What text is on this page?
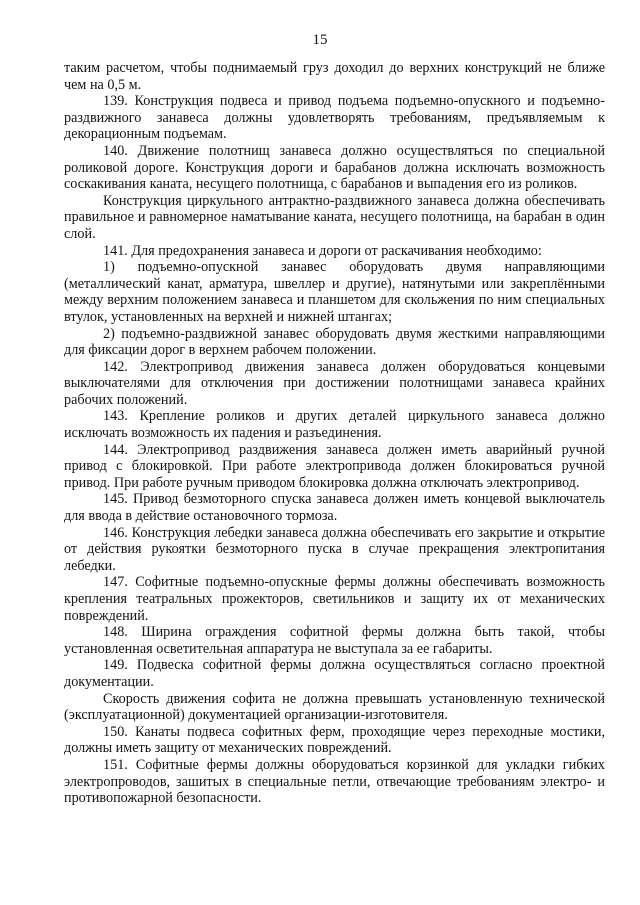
15

таким расчетом, чтобы поднимаемый груз доходил до верхних конструкций не ближе чем на 0,5 м.

139. Конструкция подвеса и привод подъема подъемно-опускного и подъемно-раздвижного занавеса должны удовлетворять требованиям, предъявляемым к декорационным подъемам.

140. Движение полотнищ занавеса должно осуществляться по специальной роликовой дороге. Конструкция дороги и барабанов должна исключать возможность соскакивания каната, несущего полотнища, с барабанов и выпадения его из роликов.

Конструкция циркульного антрактно-раздвижного занавеса должна обеспечивать правильное и равномерное наматывание каната, несущего полотнища, на барабан в один слой.

141. Для предохранения занавеса и дороги от раскачивания необходимо:

1) подъемно-опускной занавес оборудовать двумя направляющими (металлический канат, арматура, швеллер и другие), натянутыми или закреплёнными между верхним положением занавеса и планшетом для скольжения по ним специальных втулок, установленных на верхней и нижней штангах;

2) подъемно-раздвижной занавес оборудовать двумя жесткими направляющими для фиксации дорог в верхнем рабочем положении.

142. Электропривод движения занавеса должен оборудоваться концевыми выключателями для отключения при достижении полотнищами занавеса крайних рабочих положений.

143. Крепление роликов и других деталей циркульного занавеса должно исключать возможность их падения и разъединения.

144. Электропривод раздвижения занавеса должен иметь аварийный ручной привод с блокировкой. При работе электропривода должен блокироваться ручной привод. При работе ручным приводом блокировка должна отключать электропривод.

145. Привод безмоторного спуска занавеса должен иметь концевой выключатель для ввода в действие остановочного тормоза.

146. Конструкция лебедки занавеса должна обеспечивать его закрытие и открытие от действия рукоятки безмоторного пуска в случае прекращения электропитания лебедки.

147. Софитные подъемно-опускные фермы должны обеспечивать возможность крепления театральных прожекторов, светильников и защиту их от механических повреждений.

148. Ширина ограждения софитной фермы должна быть такой, чтобы установленная осветительная аппаратура не выступала за ее габариты.

149. Подвеска софитной фермы должна осуществляться согласно проектной документации.

Скорость движения софита не должна превышать установленную технической (эксплуатационной) документацией организации-изготовителя.

150. Канаты подвеса софитных ферм, проходящие через переходные мостики, должны иметь защиту от механических повреждений.

151. Софитные фермы должны оборудоваться корзинкой для укладки гибких электропроводов, зашитых в специальные петли, отвечающие требованиям электро- и противопожарной безопасности.
